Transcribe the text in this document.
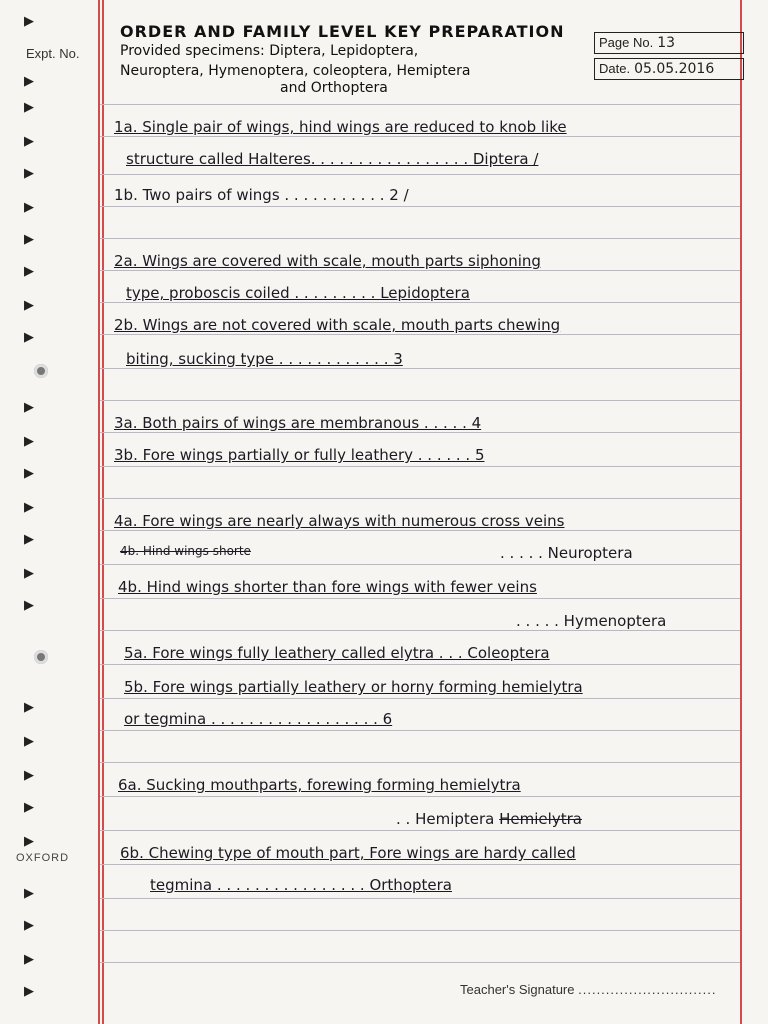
▶
▶
▶
▶
▶
▶
▶
▶
▶
▶
▶
▶
▶
▶
▶
▶
▶
▶
▶
▶
▶
▶
▶
▶
▶
▶
Expt. No.
OXFORD
ORDER AND FAMILY LEVEL KEY PREPARATION
Provided specimens: Diptera, Lepidoptera,
Neuroptera, Hymenoptera, coleoptera, Hemiptera
and Orthoptera
Page No. 13
Date. 05.05.2016
1a. Single pair of wings, hind wings are reduced to knob like
structure called Halteres. . . . . . . . . . . . . . . . . Diptera /
1b. Two pairs of wings . . . . . . . . . . . 2 /
2a. Wings are covered with scale, mouth parts siphoning
type, proboscis coiled . . . . . . . . . Lepidoptera
2b. Wings are not covered with scale, mouth parts chewing
biting, sucking type . . . . . . . . . . . . 3
3a. Both pairs of wings are membranous . . . . . 4
3b. Fore wings partially or fully leathery . . . . . . 5
4a. Fore wings are nearly always with numerous cross veins
4b. Hind wings shorte	. . . . . Neuroptera
4b. Hind wings shorter than fore wings with fewer veins
. . . . . Hymenoptera
5a. Fore wings fully leathery called elytra . . . Coleoptera
5b. Fore wings partially leathery or horny forming hemielytra
or tegmina . . . . . . . . . . . . . . . . . . 6
6a. Sucking mouthparts, forewing forming hemielytra
. . Hemiptera Hemielytra
6b. Chewing type of mouth part, Fore wings are hardy called
tegmina . . . . . . . . . . . . . . . . Orthoptera
Teacher's Signature ..............................
